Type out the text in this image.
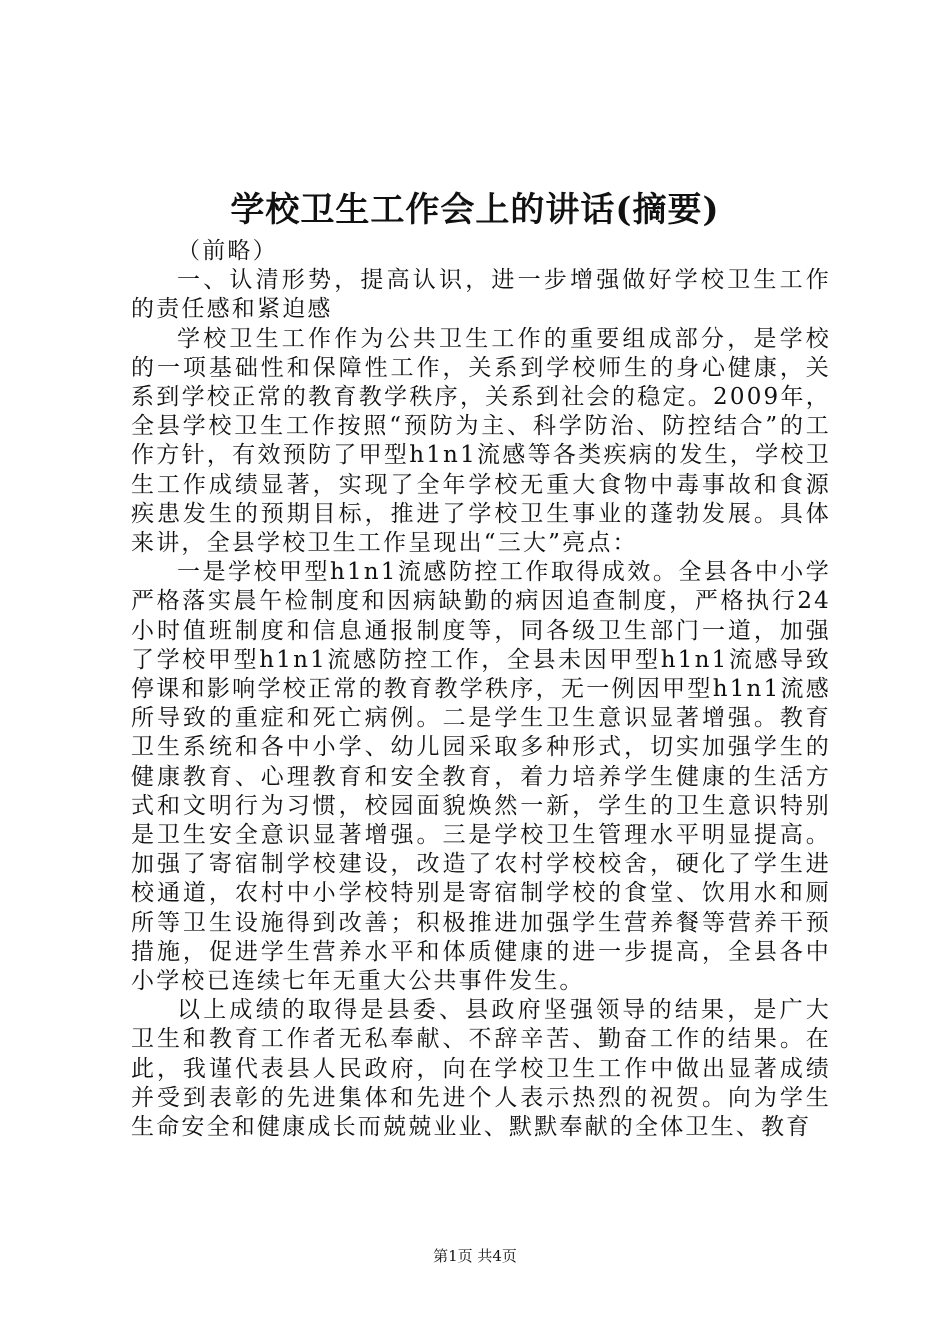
学校卫生工作会上的讲话(摘要)

（前略）

一、认清形势，提高认识，进一步增强做好学校卫生工作的责任感和紧迫感

学校卫生工作作为公共卫生工作的重要组成部分，是学校的一项基础性和保障性工作，关系到学校师生的身心健康，关系到学校正常的教育教学秩序，关系到社会的稳定。2009年，全县学校卫生工作按照“预防为主、科学防治、防控结合”的工作方针，有效预防了甲型h1n1流感等各类疾病的发生，学校卫生工作成绩显著，实现了全年学校无重大食物中毒事故和食源疾患发生的预期目标，推进了学校卫生事业的蓬勃发展。具体来讲，全县学校卫生工作呈现出“三大”亮点：

一是学校甲型h1n1流感防控工作取得成效。全县各中小学严格落实晨午检制度和因病缺勤的病因追查制度，严格执行24小时值班制度和信息通报制度等，同各级卫生部门一道，加强了学校甲型h1n1流感防控工作，全县未因甲型h1n1流感导致停课和影响学校正常的教育教学秩序，无一例因甲型h1n1流感所导致的重症和死亡病例。二是学生卫生意识显著增强。教育卫生系统和各中小学、幼儿园采取多种形式，切实加强学生的健康教育、心理教育和安全教育，着力培养学生健康的生活方式和文明行为习惯，校园面貌焕然一新，学生的卫生意识特别是卫生安全意识显著增强。三是学校卫生管理水平明显提高。加强了寄宿制学校建设，改造了农村学校校舍，硬化了学生进校通道，农村中小学校特别是寄宿制学校的食堂、饮用水和厕所等卫生设施得到改善；积极推进加强学生营养餐等营养干预措施，促进学生营养水平和体质健康的进一步提高，全县各中小学校已连续七年无重大公共事件发生。

以上成绩的取得是县委、县政府坚强领导的结果，是广大卫生和教育工作者无私奉献、不辞辛苦、勤奋工作的结果。在此，我谨代表县人民政府，向在学校卫生工作中做出显著成绩并受到表彰的先进集体和先进个人表示热烈的祝贺。向为学生生命安全和健康成长而兢兢业业、默默奉献的全体卫生、教育

第1页 共4页
